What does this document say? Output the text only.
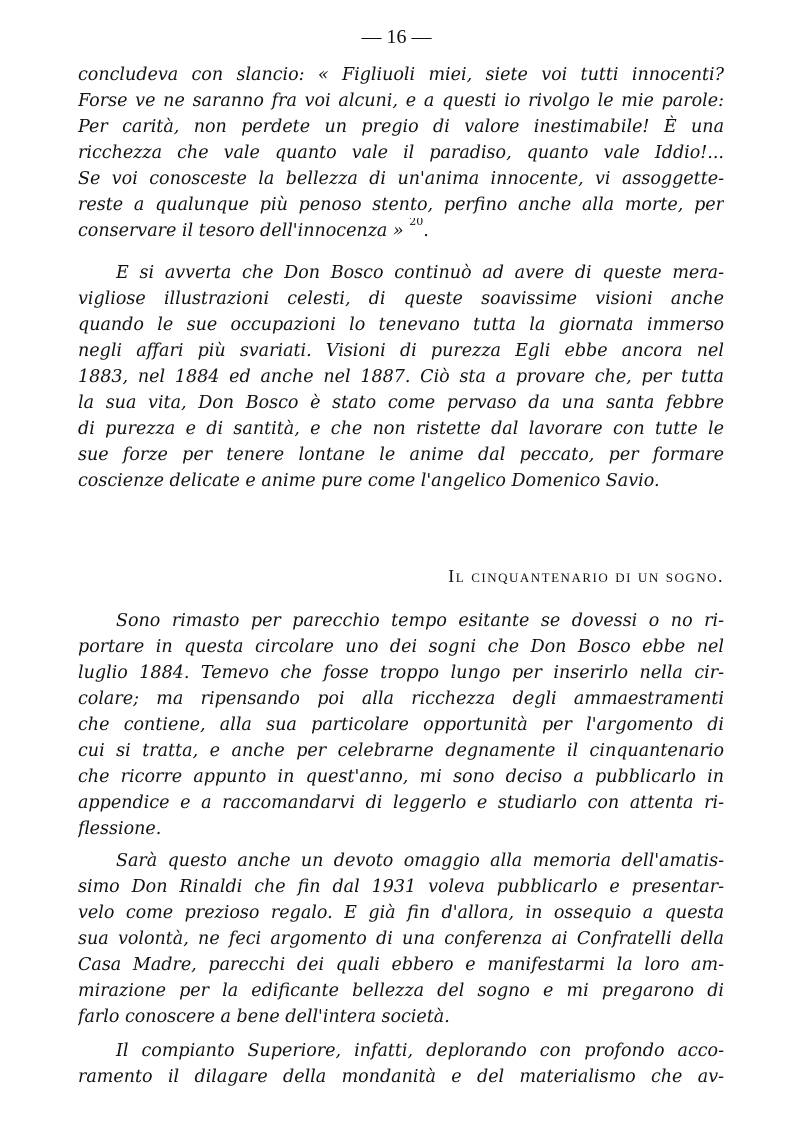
— 16 —
concludeva con slancio: « Figliuoli miei, siete voi tutti innocenti?
Forse ve ne saranno fra voi alcuni, e a questi io rivolgo le mie parole:
Per carità, non perdete un pregio di valore inestimabile! È una
ricchezza che vale quanto vale il paradiso, quanto vale Iddio!...
Se voi conosceste la bellezza di un'anima innocente, vi assoggette-
reste a qualunque più penoso stento, perfino anche alla morte, per
conservare il tesoro dell'innocenza » $^{20}$.
E si avverta che Don Bosco continuò ad avere di queste mera-
vigliose illustrazioni celesti, di queste soavissime visioni anche
quando le sue occupazioni lo tenevano tutta la giornata immerso
negli affari più svariati. Visioni di purezza Egli ebbe ancora nel
1883, nel 1884 ed anche nel 1887. Ciò sta a provare che, per tutta
la sua vita, Don Bosco è stato come pervaso da una santa febbre
di purezza e di santità, e che non ristette dal lavorare con tutte le
sue forze per tenere lontane le anime dal peccato, per formare
coscienze delicate e anime pure come l'angelico Domenico Savio.
Il cinquantenario di un sogno.
Sono rimasto per parecchio tempo esitante se dovessi o no ri-
portare in questa circolare uno dei sogni che Don Bosco ebbe nel
luglio 1884. Temevo che fosse troppo lungo per inserirlo nella cir-
colare; ma ripensando poi alla ricchezza degli ammaestramenti
che contiene, alla sua particolare opportunità per l'argomento di
cui si tratta, e anche per celebrarne degnamente il cinquantenario
che ricorre appunto in quest'anno, mi sono deciso a pubblicarlo in
appendice e a raccomandarvi di leggerlo e studiarlo con attenta ri-
flessione.
Sarà questo anche un devoto omaggio alla memoria dell'amatis-
simo Don Rinaldi che fin dal 1931 voleva pubblicarlo e presentar-
velo come prezioso regalo. E già fin d'allora, in ossequio a questa
sua volontà, ne feci argomento di una conferenza ai Confratelli della
Casa Madre, parecchi dei quali ebbero e manifestarmi la loro am-
mirazione per la edificante bellezza del sogno e mi pregarono di
farlo conoscere a bene dell'intera società.
Il compianto Superiore, infatti, deplorando con profondo acco-
ramento il dilagare della mondanità e del materialismo che av-
